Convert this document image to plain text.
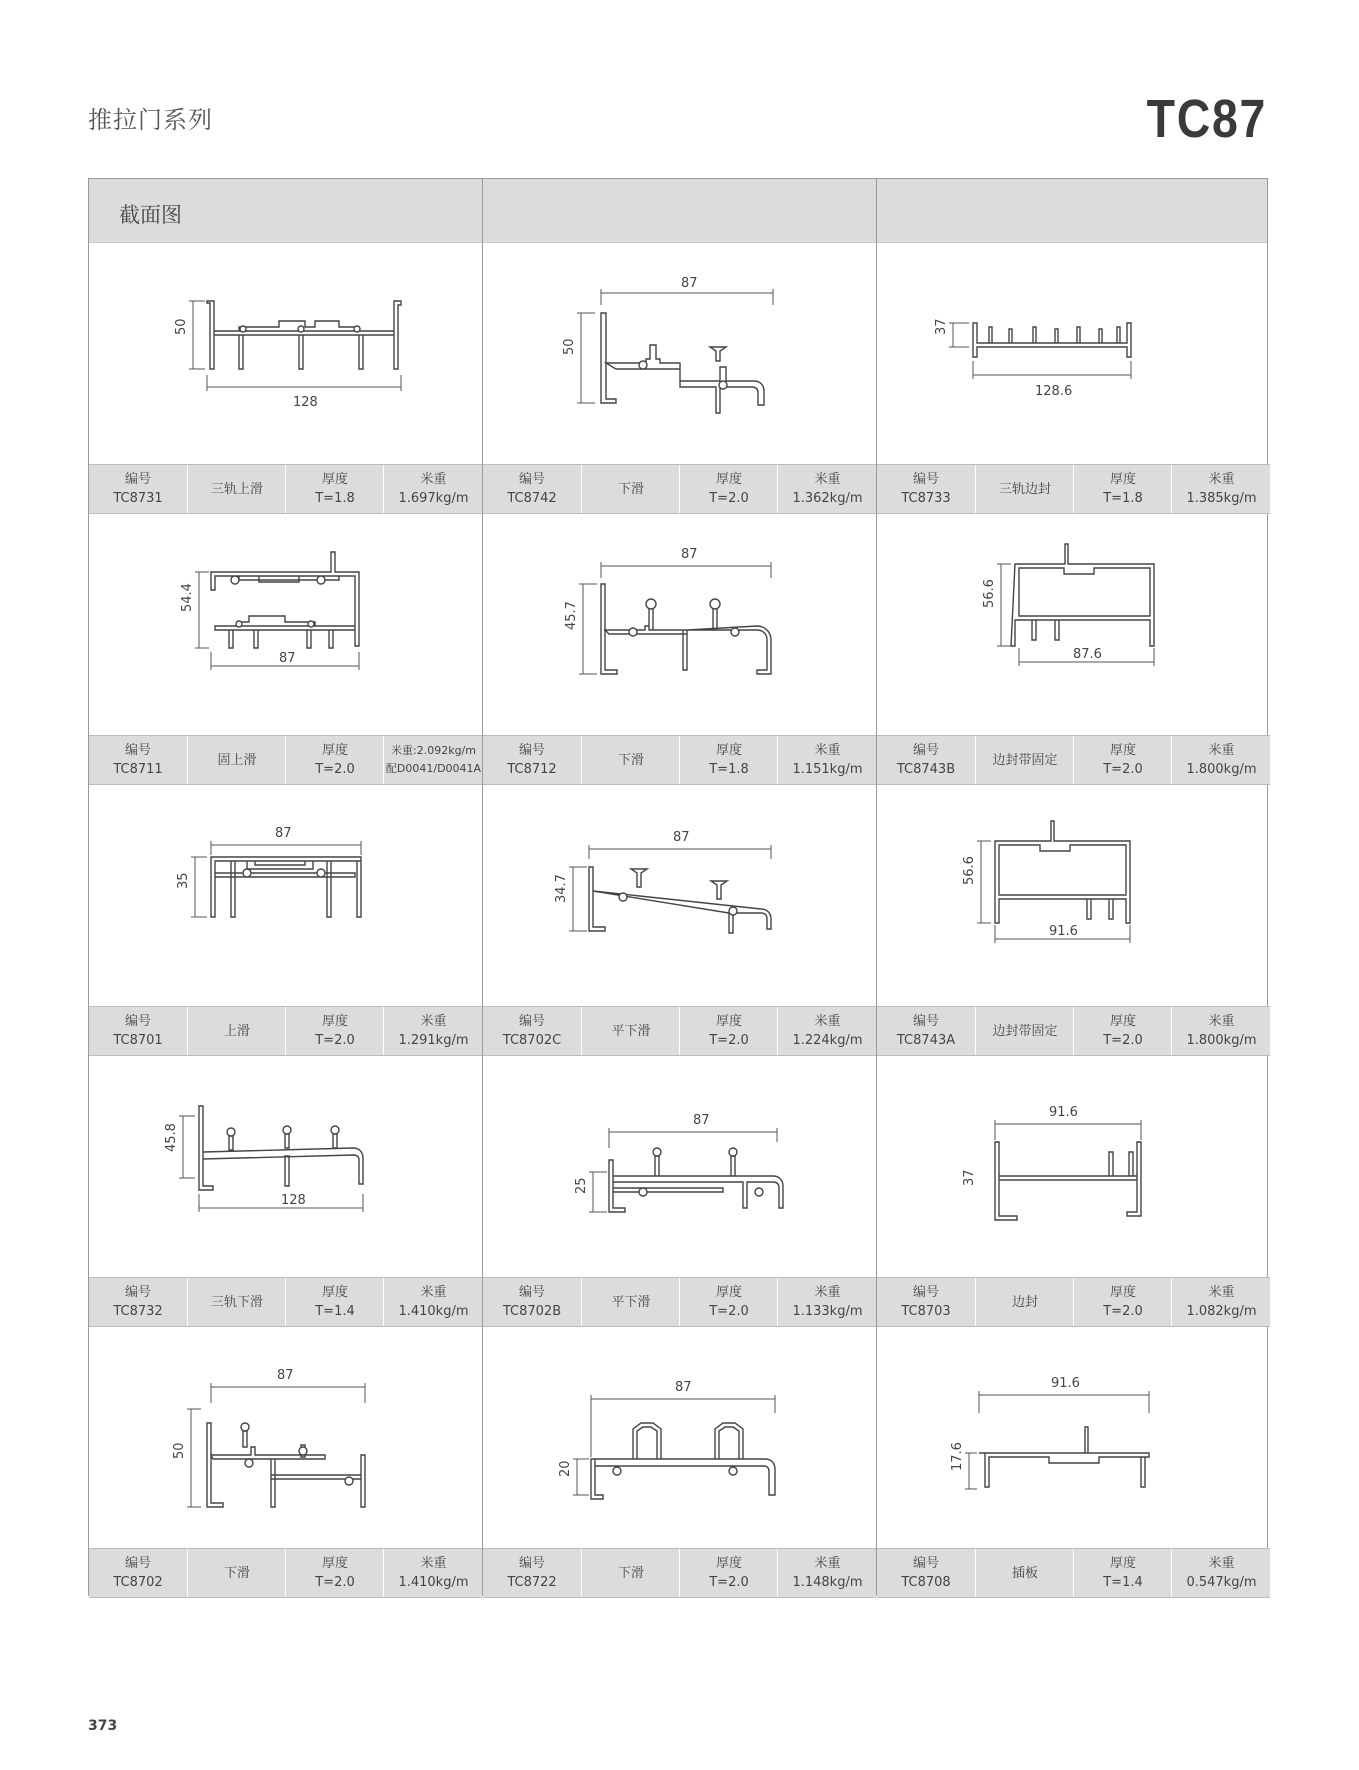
推拉门系列	TC87
截面图
50
128
编号
TC8731
三轨上滑
厚度
T=1.8
米重
1.697kg/m
87
50
编号
TC8742
下滑
厚度
T=2.0
米重
1.362kg/m
37
128.6
编号
TC8733
三轨边封
厚度
T=1.8
米重
1.385kg/m
54.4
87
编号
TC8711
固上滑
厚度
T=2.0
米重:2.092kg/m
配D0041/D0041A
87
45.7
编号
TC8712
下滑
厚度
T=1.8
米重
1.151kg/m
56.6
87.6
编号
TC8743B
边封带固定
厚度
T=2.0
米重
1.800kg/m
87
35
编号
TC8701
上滑
厚度
T=2.0
米重
1.291kg/m
87
34.7
编号
TC8702C
平下滑
厚度
T=2.0
米重
1.224kg/m
56.6
91.6
编号
TC8743A
边封带固定
厚度
T=2.0
米重
1.800kg/m
45.8
128
编号
TC8732
三轨下滑
厚度
T=1.4
米重
1.410kg/m
87
25
编号
TC8702B
平下滑
厚度
T=2.0
米重
1.133kg/m
91.6
37
编号
TC8703
边封
厚度
T=2.0
米重
1.082kg/m
87
50
编号
TC8702
下滑
厚度
T=2.0
米重
1.410kg/m
87
20
编号
TC8722
下滑
厚度
T=2.0
米重
1.148kg/m
91.6
17.6
编号
TC8708
插板
厚度
T=1.4
米重
0.547kg/m
373
